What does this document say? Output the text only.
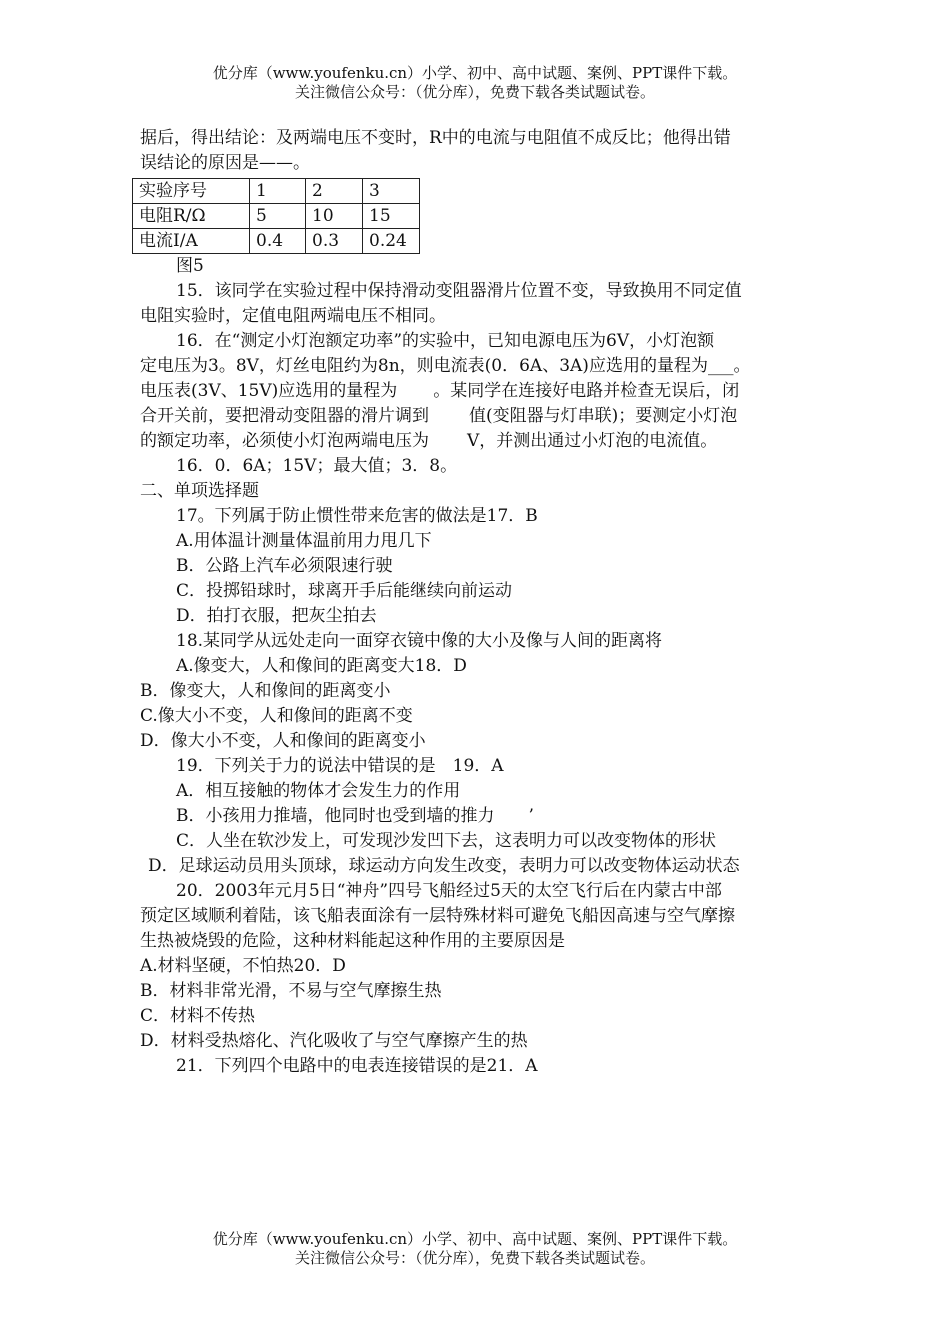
优分库（www.youfenku.cn）小学、初中、高中试题、案例、PPT课件下载。
关注微信公众号：（优分库），免费下载各类试题试卷。
据后，得出结论：及两端电压不变时，R中的电流与电阻值不成反比；他得出错
误结论的原因是——。
实验序号	1	2	3
电阻R/Ω	5	10	15
电流I/A	0.4	0.3	0.24
图5
15．该同学在实验过程中保持滑动变阻器滑片位置不变，导致换用不同定值
电阻实验时，定值电阻两端电压不相同。
16．在“测定小灯泡额定功率”的实验中，已知电源电压为6V，小灯泡额
定电压为3。8V，灯丝电阻约为8n，则电流表(0．6A、3A)应选用的量程为___。
电压表(3V、15V)应选用的量程为 。某同学在连接好电路并检查无误后，闭
合开关前，要把滑动变阻器的滑片调到 值(变阻器与灯串联)；要测定小灯泡
的额定功率，必须使小灯泡两端电压为 V，并测出通过小灯泡的电流值。
16．0．6A；15V；最大值；3．8。
二、单项选择题
17。下列属于防止惯性带来危害的做法是17．B
A.用体温计测量体温前用力甩几下
B．公路上汽车必须限速行驶
C．投掷铅球时，球离开手后能继续向前运动
D．拍打衣服，把灰尘拍去
18.某同学从远处走向一面穿衣镜中像的大小及像与人间的距离将
A.像变大，人和像间的距离变大18．D
B．像变大，人和像间的距离变小
C.像大小不变，人和像间的距离不变
D．像大小不变，人和像间的距离变小
19．下列关于力的说法中错误的是　19．A
A．相互接触的物体才会发生力的作用
B．小孩用力推墙，他同时也受到墙的推力　　’
C．人坐在软沙发上，可发现沙发凹下去，这表明力可以改变物体的形状
D．足球运动员用头顶球，球运动方向发生改变，表明力可以改变物体运动状态
20．2003年元月5日“神舟”四号飞船经过5天的太空飞行后在内蒙古中部
预定区域顺利着陆，该飞船表面涂有一层特殊材料可避免飞船因高速与空气摩擦
生热被烧毁的危险，这种材料能起这种作用的主要原因是
A.材料坚硬，不怕热20．D
B．材料非常光滑，不易与空气摩擦生热
C．材料不传热
D．材料受热熔化、汽化吸收了与空气摩擦产生的热
21．下列四个电路中的电表连接错误的是21．A
优分库（www.youfenku.cn）小学、初中、高中试题、案例、PPT课件下载。
关注微信公众号：（优分库），免费下载各类试题试卷。
